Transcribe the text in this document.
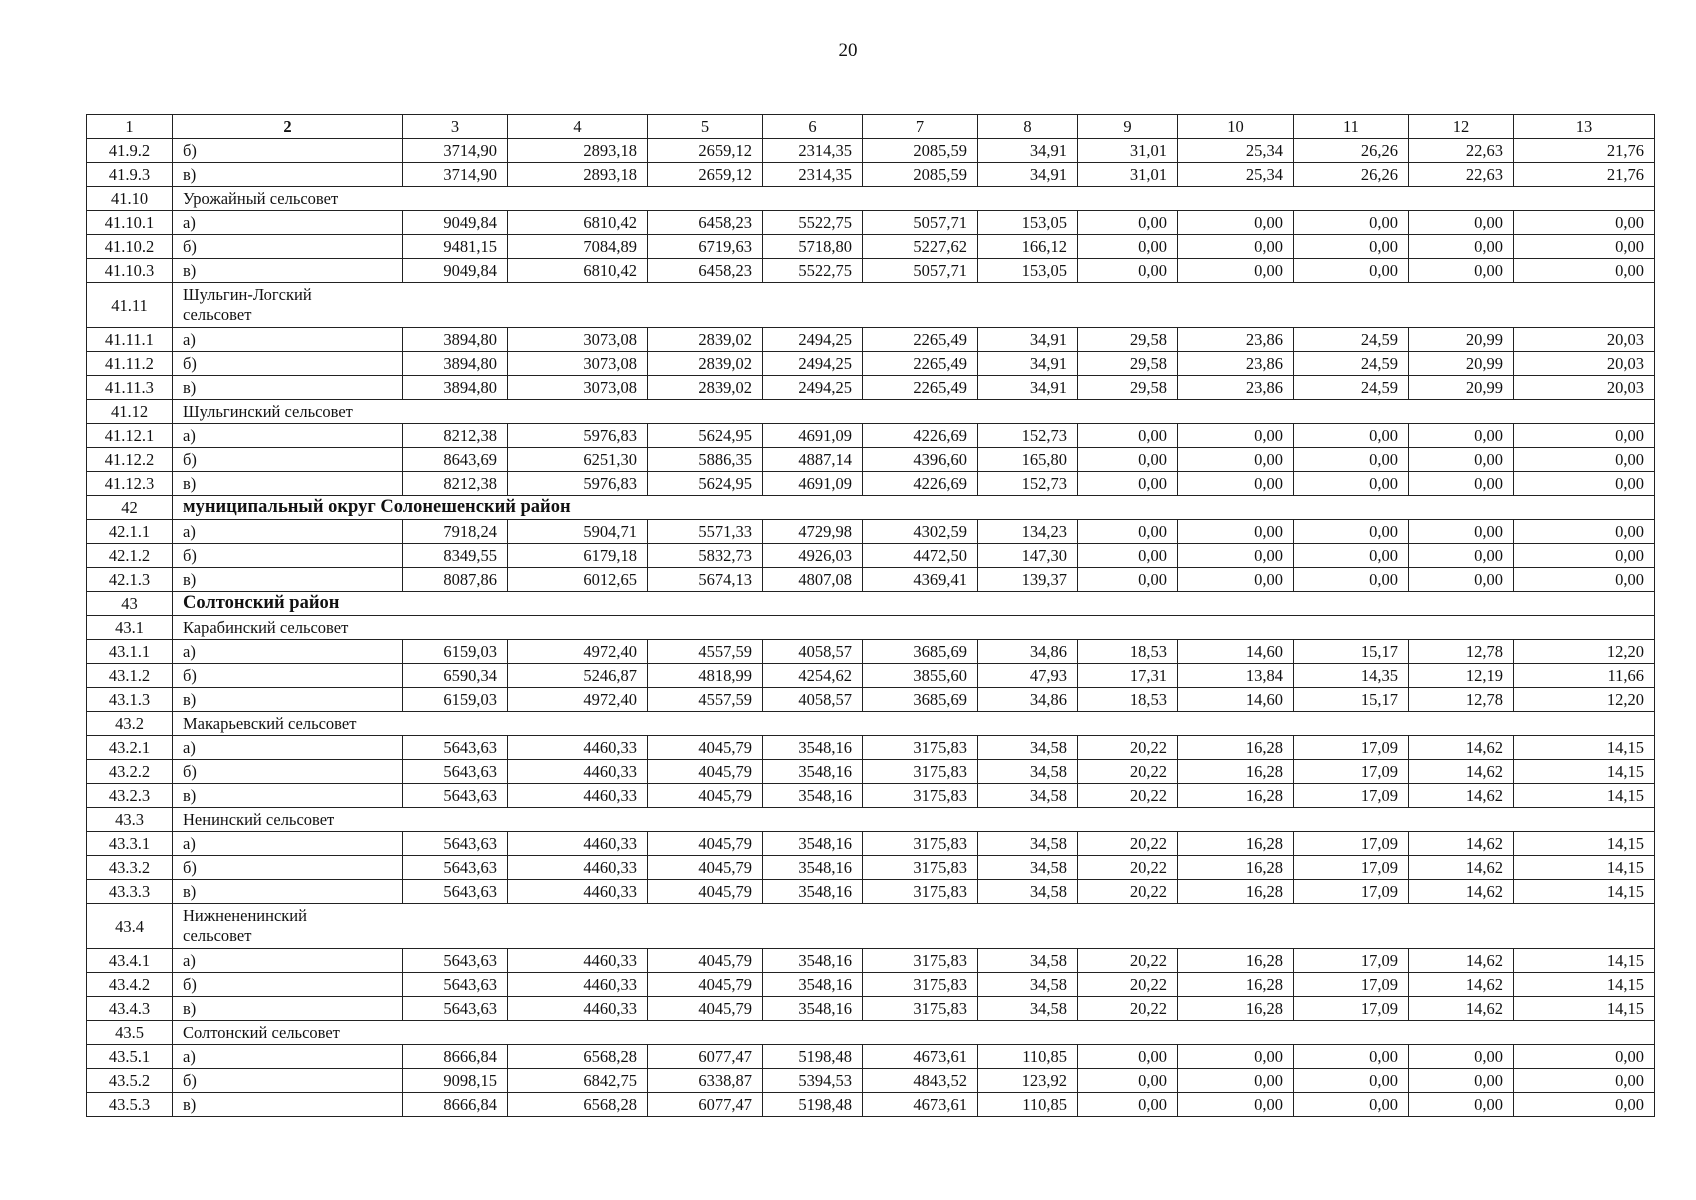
20
1	2	3	4	5	6	7	8	9	10	11	12	13
41.9.2	б)	3714,90	2893,18	2659,12	2314,35	2085,59	34,91	31,01	25,34	26,26	22,63	21,76
41.9.3	в)	3714,90	2893,18	2659,12	2314,35	2085,59	34,91	31,01	25,34	26,26	22,63	21,76
41.10	Урожайный сельсовет											
41.10.1	а)	9049,84	6810,42	6458,23	5522,75	5057,71	153,05	0,00	0,00	0,00	0,00	0,00
41.10.2	б)	9481,15	7084,89	6719,63	5718,80	5227,62	166,12	0,00	0,00	0,00	0,00	0,00
41.10.3	в)	9049,84	6810,42	6458,23	5522,75	5057,71	153,05	0,00	0,00	0,00	0,00	0,00
41.11	Шульгин-Логский сельсовет											

41.11.1	а)	3894,80	3073,08	2839,02	2494,25	2265,49	34,91	29,58	23,86	24,59	20,99	20,03
41.11.2	б)	3894,80	3073,08	2839,02	2494,25	2265,49	34,91	29,58	23,86	24,59	20,99	20,03
41.11.3	в)	3894,80	3073,08	2839,02	2494,25	2265,49	34,91	29,58	23,86	24,59	20,99	20,03
41.12	Шульгинский сельсовет											
41.12.1	а)	8212,38	5976,83	5624,95	4691,09	4226,69	152,73	0,00	0,00	0,00	0,00	0,00
41.12.2	б)	8643,69	6251,30	5886,35	4887,14	4396,60	165,80	0,00	0,00	0,00	0,00	0,00
41.12.3	в)	8212,38	5976,83	5624,95	4691,09	4226,69	152,73	0,00	0,00	0,00	0,00	0,00
42	муниципальный округ Солонешенский район											
42.1.1	а)	7918,24	5904,71	5571,33	4729,98	4302,59	134,23	0,00	0,00	0,00	0,00	0,00
42.1.2	б)	8349,55	6179,18	5832,73	4926,03	4472,50	147,30	0,00	0,00	0,00	0,00	0,00
42.1.3	в)	8087,86	6012,65	5674,13	4807,08	4369,41	139,37	0,00	0,00	0,00	0,00	0,00
43	Солтонский район											
43.1	Карабинский сельсовет											
43.1.1	а)	6159,03	4972,40	4557,59	4058,57	3685,69	34,86	18,53	14,60	15,17	12,78	12,20
43.1.2	б)	6590,34	5246,87	4818,99	4254,62	3855,60	47,93	17,31	13,84	14,35	12,19	11,66
43.1.3	в)	6159,03	4972,40	4557,59	4058,57	3685,69	34,86	18,53	14,60	15,17	12,78	12,20
43.2	Макарьевский сельсовет											
43.2.1	а)	5643,63	4460,33	4045,79	3548,16	3175,83	34,58	20,22	16,28	17,09	14,62	14,15
43.2.2	б)	5643,63	4460,33	4045,79	3548,16	3175,83	34,58	20,22	16,28	17,09	14,62	14,15
43.2.3	в)	5643,63	4460,33	4045,79	3548,16	3175,83	34,58	20,22	16,28	17,09	14,62	14,15
43.3	Ненинский сельсовет											
43.3.1	а)	5643,63	4460,33	4045,79	3548,16	3175,83	34,58	20,22	16,28	17,09	14,62	14,15
43.3.2	б)	5643,63	4460,33	4045,79	3548,16	3175,83	34,58	20,22	16,28	17,09	14,62	14,15
43.3.3	в)	5643,63	4460,33	4045,79	3548,16	3175,83	34,58	20,22	16,28	17,09	14,62	14,15
43.4	Нижнененинский сельсовет											

43.4.1	а)	5643,63	4460,33	4045,79	3548,16	3175,83	34,58	20,22	16,28	17,09	14,62	14,15
43.4.2	б)	5643,63	4460,33	4045,79	3548,16	3175,83	34,58	20,22	16,28	17,09	14,62	14,15
43.4.3	в)	5643,63	4460,33	4045,79	3548,16	3175,83	34,58	20,22	16,28	17,09	14,62	14,15
43.5	Солтонский сельсовет											
43.5.1	а)	8666,84	6568,28	6077,47	5198,48	4673,61	110,85	0,00	0,00	0,00	0,00	0,00
43.5.2	б)	9098,15	6842,75	6338,87	5394,53	4843,52	123,92	0,00	0,00	0,00	0,00	0,00
43.5.3	в)	8666,84	6568,28	6077,47	5198,48	4673,61	110,85	0,00	0,00	0,00	0,00	0,00
